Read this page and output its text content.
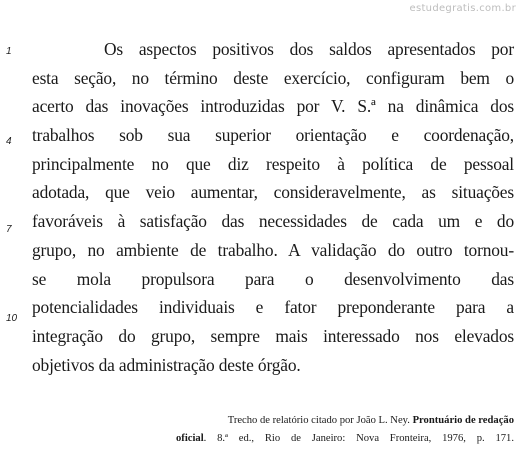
estudegratis.com.br
1
4
7
10
Os aspectos positivos dos saldos apresentados por
esta seção, no término deste exercício, configuram bem o
acerto das inovações introduzidas por V. S.ª na dinâmica dos
trabalhos sob sua superior orientação e coordenação,
principalmente no que diz respeito à política de pessoal
adotada, que veio aumentar, consideravelmente, as situações
favoráveis à satisfação das necessidades de cada um e do
grupo, no ambiente de trabalho. A validação do outro tornou-
se mola propulsora para o desenvolvimento das
potencialidades individuais e fator preponderante para a
integração do grupo, sempre mais interessado nos elevados
objetivos da administração deste órgão.
Trecho de relatório citado por João L. Ney. Prontuário de redação
oficial. 8.ª ed., Rio de Janeiro: Nova Fronteira, 1976, p. 171.
